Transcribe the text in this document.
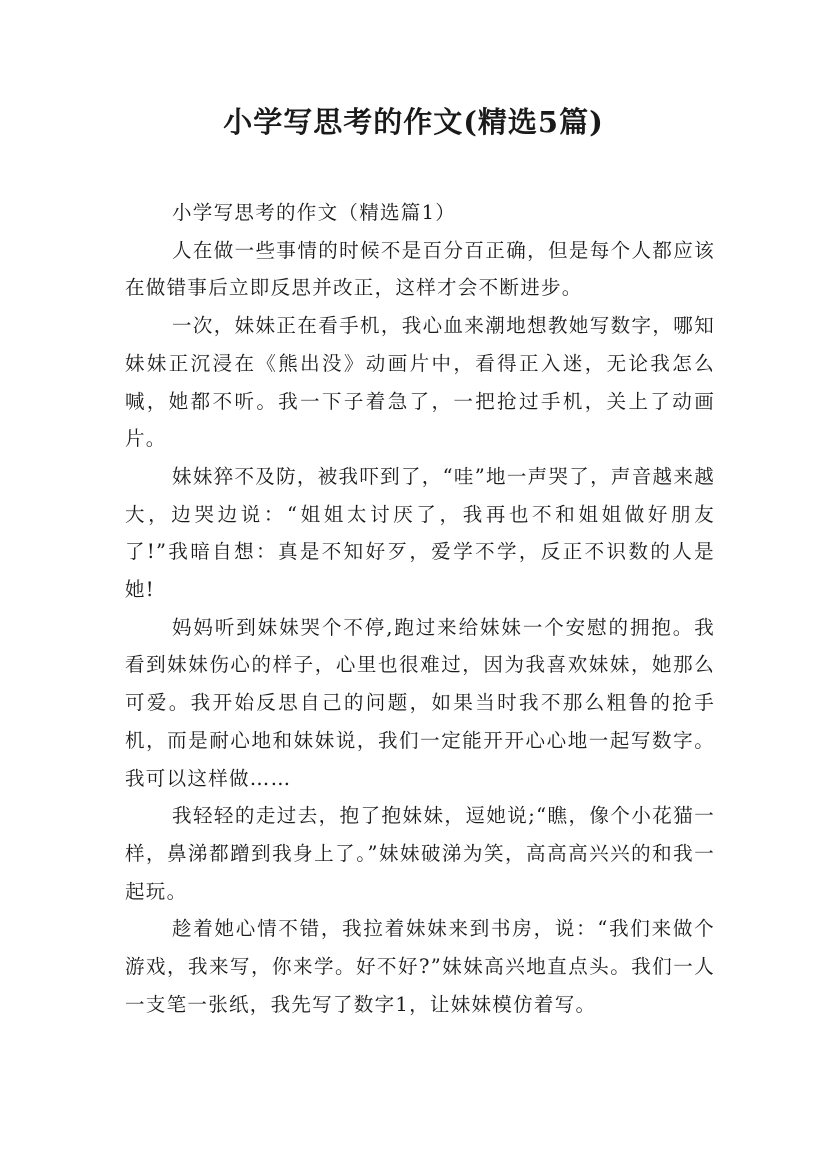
小学写思考的作文(精选5篇)

小学写思考的作文（精选篇1）

人在做一些事情的时候不是百分百正确，但是每个人都应该在做错事后立即反思并改正，这样才会不断进步。

一次，妹妹正在看手机，我心血来潮地想教她写数字，哪知妹妹正沉浸在《熊出没》动画片中，看得正入迷，无论我怎么喊，她都不听。我一下子着急了，一把抢过手机，关上了动画片。

妹妹猝不及防，被我吓到了，“哇”地一声哭了，声音越来越大，边哭边说：“姐姐太讨厌了，我再也不和姐姐做好朋友了!”我暗自想：真是不知好歹，爱学不学，反正不识数的人是她!

妈妈听到妹妹哭个不停,跑过来给妹妹一个安慰的拥抱。我看到妹妹伤心的样子，心里也很难过，因为我喜欢妹妹，她那么可爱。我开始反思自己的问题，如果当时我不那么粗鲁的抢手机，而是耐心地和妹妹说，我们一定能开开心心地一起写数字。我可以这样做……

我轻轻的走过去，抱了抱妹妹，逗她说;“瞧，像个小花猫一样，鼻涕都蹭到我身上了。”妹妹破涕为笑，高高高兴兴的和我一起玩。

趁着她心情不错，我拉着妹妹来到书房，说：“我们来做个游戏，我来写，你来学。好不好?”妹妹高兴地直点头。我们一人一支笔一张纸，我先写了数字1，让妹妹模仿着写。
